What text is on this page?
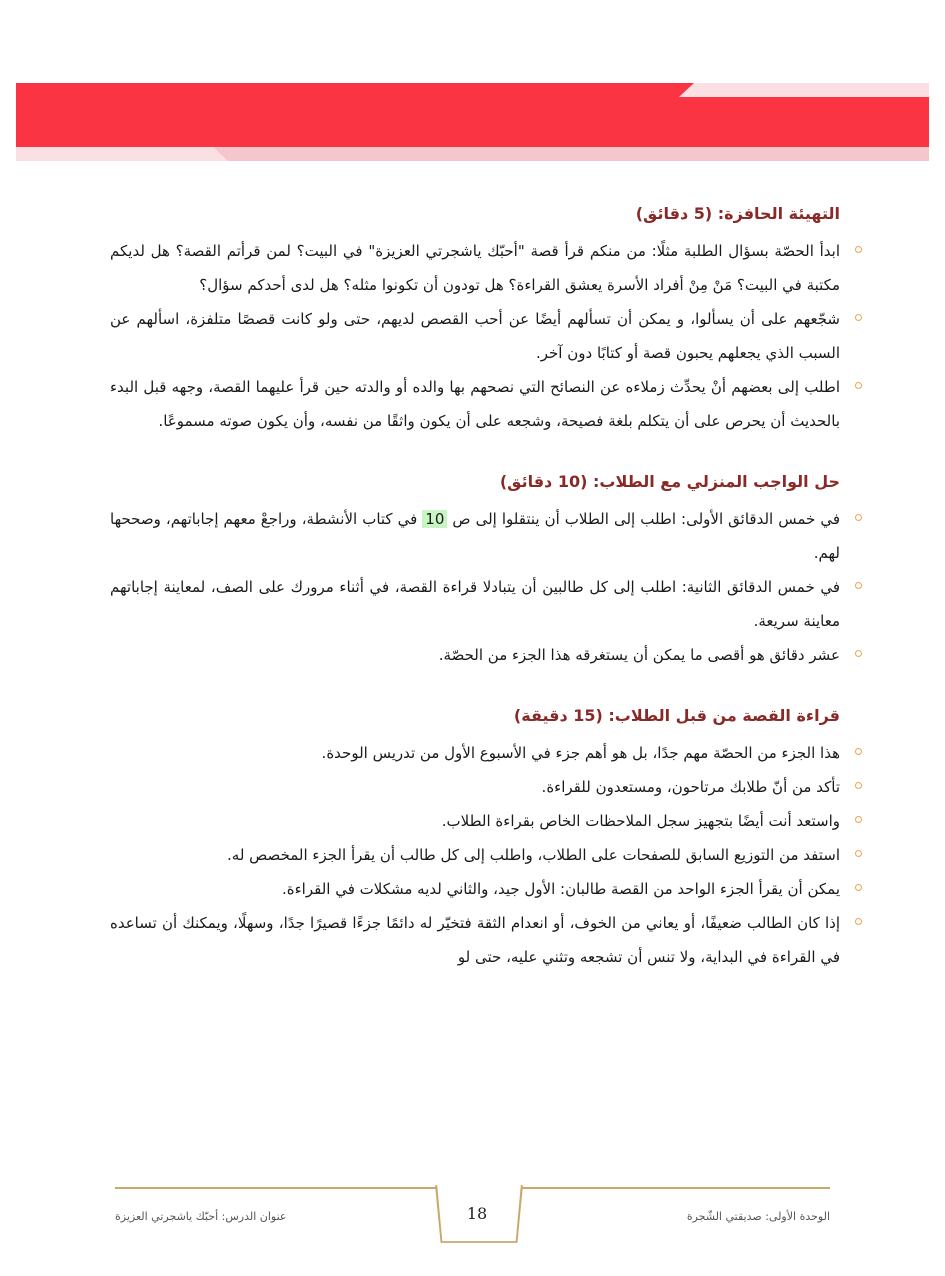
التهيئة الحافزة: (5 دقائق)
ابدأ الحصّة بسؤال الطلبة مثلًا: من منكم قرأ قصة "أحبّك ياشجرتي العزيزة" في البيت؟ لمن قرأتم القصة؟ هل لديكم مكتبة في البيت؟ مَنْ مِنْ أفراد الأسرة يعشق القراءة؟ هل تودون أن تكونوا مثله؟ هل لدى أحدكم سؤال؟
شجّعهم على أن يسألوا، و يمكن أن تسألهم أيضًا عن أحب القصص لديهم، حتى ولو كانت قصصًا متلفزة، اسألهم عن السبب الذي يجعلهم يحبون قصة أو كتابًا دون آخر.
اطلب إلى بعضهم أنْ يحدِّث زملاءه عن النصائح التي نصحهم بها والده أو والدته حين قرأ عليهما القصة، وجهه قبل البدء بالحديث أن يحرص على أن يتكلم بلغة فصيحة، وشجعه على أن يكون واثقًا من نفسه، وأن يكون صوته مسموعًا.
حل الواجب المنزلي مع الطلاب: (10 دقائق)
في خمس الدقائق الأولى: اطلب إلى الطلاب أن ينتقلوا إلى ص 10 في كتاب الأنشطة، وراجعْ معهم إجاباتهم، وصححها لهم.
في خمس الدقائق الثانية: اطلب إلى كل طالبين أن يتبادلا قراءة القصة، في أثناء مرورك على الصف، لمعاينة إجاباتهم معاينة سريعة.
عشر دقائق هو أقصى ما يمكن أن يستغرقه هذا الجزء من الحصّة.
قراءة القصة من قبل الطلاب: (15 دقيقة)
هذا الجزء من الحصّة مهم جدًا، بل هو أهم جزء في الأسبوع الأول من تدريس الوحدة.
تأكد من أنّ طلابك مرتاحون، ومستعدون للقراءة.
واستعد أنت أيضًا بتجهيز سجل الملاحظات الخاص بقراءة الطلاب.
استفد من التوزيع السابق للصفحات على الطلاب، واطلب إلى كل طالب أن يقرأ الجزء المخصص له.
يمكن أن يقرأ الجزء الواحد من القصة طالبان: الأول جيد، والثاني لديه مشكلات في القراءة.
إذا كان الطالب ضعيفًا، أو يعاني من الخوف، أو انعدام الثقة فتخيّر له دائمًا جزءًا قصيرًا جدًا، وسهلًا، ويمكنك أن تساعده في القراءة في البداية، ولا تنس أن تشجعه وتثني عليه، حتى لو
18	الوحدة الأولى: صديقتي الشّجرة
عنوان الدرس: أحبّك ياشجرتي العزيزة
